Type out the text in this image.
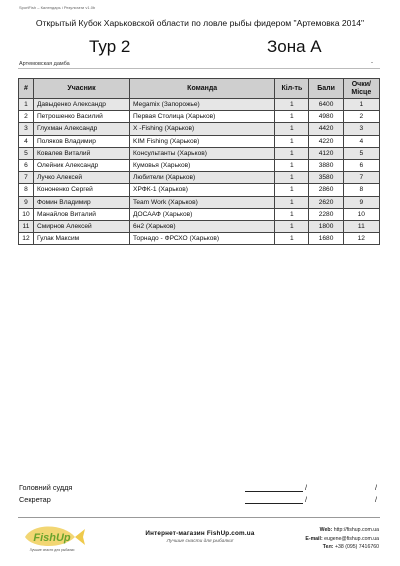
SportFish – Календарь і Результати v1.0b
Открытый Кубок Харьковской области по ловле рыбы фидером "Артемовка 2014"
Тур 2	Зона А
Артемовская дамба	-
#	Учасник	Команда	Кіл-ть	Бали	Очки/ Місце
1	Давыденко Александр	Megamix (Запорожье)	1	6400	1
2	Петрошенко Василий	Первая Столица (Харьков)	1	4980	2
3	Глухман Александр	X -Fishing (Харьков)	1	4420	3
4	Поляков Владимир	KIM Fishing (Харьков)	1	4220	4
5	Ковалев Виталий	Консультанты (Харьков)	1	4120	5
6	Олейник Александр	Кумовья (Харьков)	1	3880	6
7	Лучко Алексей	Любители (Харьков)	1	3580	7
8	Кононенко Сергей	ХРФК-1 (Харьков)	1	2860	8
9	Фомин Владимир	Team Work (Харьков)	1	2620	9
10	Манайлов Виталий	ДОСААФ (Харьков)	1	2280	10
11	Смирнов Алексей	6н2 (Харьков)	1	1800	11
12	Гулак Максим	Торнадо - ФРСХО (Харьков)	1	1680	12
Головний суддя	/	/
Секретар	/	/
FishUp
Лучшие снасти для рыбалки
Интернет-магазин FishUp.com.ua
Лучшие снасти для рыбалки!
Web: http://fishup.com.ua
E-mail: eugene@fishup.com.ua
Тел: +38 (095) 7416760
